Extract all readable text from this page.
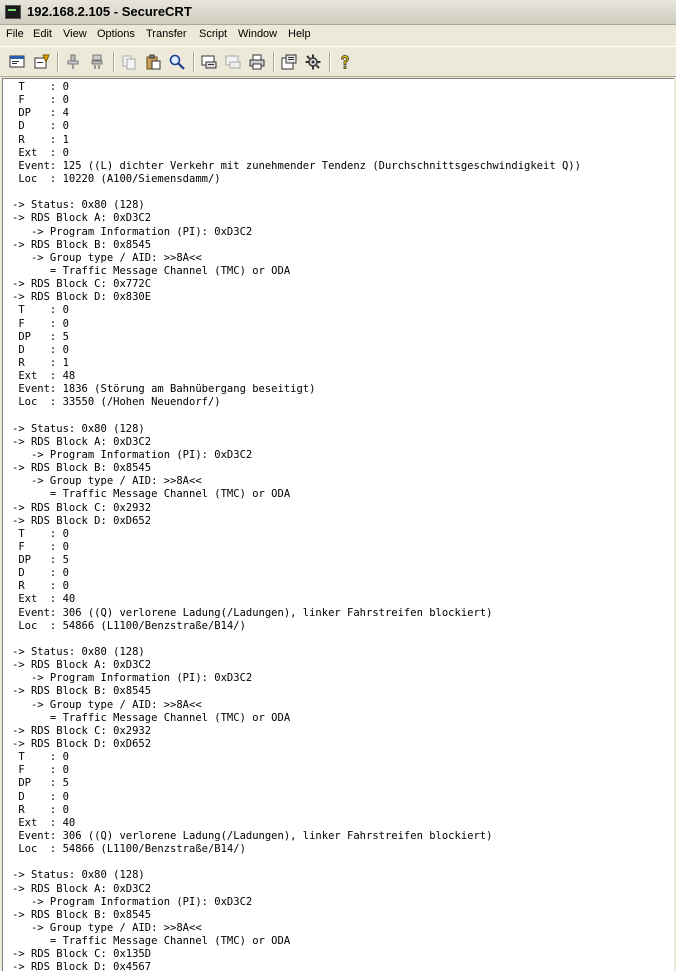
192.168.2.105 - SecureCRT
File Edit View Options Transfer Script Window Help
T    : 0
F    : 0
DP   : 4
D    : 0
R    : 1
Ext  : 0
Event: 125 ((L) dichter Verkehr mit zunehmender Tendenz (Durchschnittsgeschwindigkeit Q))
Loc  : 10220 (A100/Siemensdamm/)
-> Status: 0x80 (128)
-> RDS Block A: 0xD3C2
-> Program Information (PI): 0xD3C2
-> RDS Block B: 0x8545
-> Group type / AID: >>8A<<
= Traffic Message Channel (TMC) or ODA
-> RDS Block C: 0x772C
-> RDS Block D: 0x830E
T    : 0
F    : 0
DP   : 5
D    : 0
R    : 1
Ext  : 48
Event: 1836 (Störung am Bahnübergang beseitigt)
Loc  : 33550 (/Hohen Neuendorf/)
-> Status: 0x80 (128)
-> RDS Block A: 0xD3C2
-> Program Information (PI): 0xD3C2
-> RDS Block B: 0x8545
-> Group type / AID: >>8A<<
= Traffic Message Channel (TMC) or ODA
-> RDS Block C: 0x2932
-> RDS Block D: 0xD652
T    : 0
F    : 0
DP   : 5
D    : 0
R    : 0
Ext  : 40
Event: 306 ((Q) verlorene Ladung(/Ladungen), linker Fahrstreifen blockiert)
Loc  : 54866 (L1100/Benzstraße/B14/)
-> Status: 0x80 (128)
-> RDS Block A: 0xD3C2
-> Program Information (PI): 0xD3C2
-> RDS Block B: 0x8545
-> Group type / AID: >>8A<<
= Traffic Message Channel (TMC) or ODA
-> RDS Block C: 0x2932
-> RDS Block D: 0xD652
T    : 0
F    : 0
DP   : 5
D    : 0
R    : 0
Ext  : 40
Event: 306 ((Q) verlorene Ladung(/Ladungen), linker Fahrstreifen blockiert)
Loc  : 54866 (L1100/Benzstraße/B14/)
-> Status: 0x80 (128)
-> RDS Block A: 0xD3C2
-> Program Information (PI): 0xD3C2
-> RDS Block B: 0x8545
-> Group type / AID: >>8A<<
= Traffic Message Channel (TMC) or ODA
-> RDS Block C: 0x135D
-> RDS Block D: 0x4567
